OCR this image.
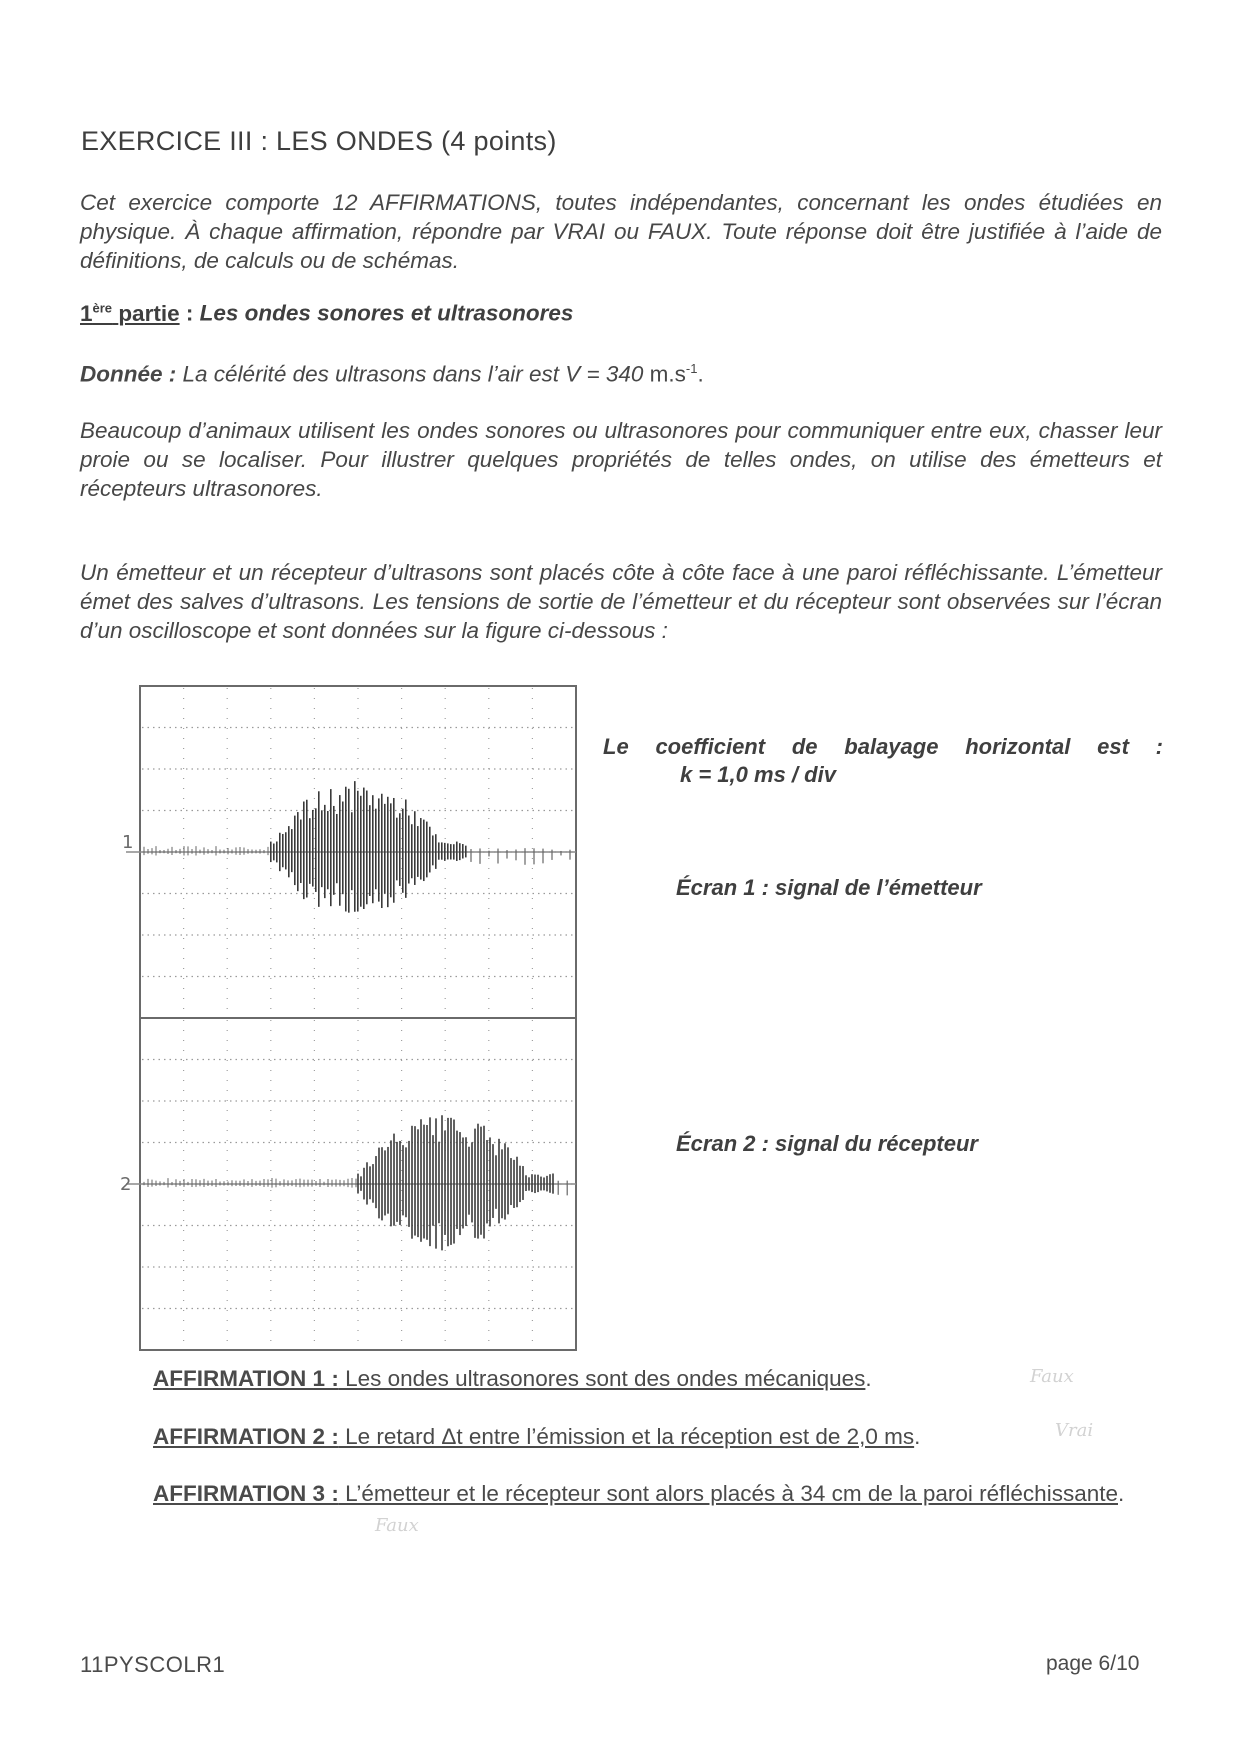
EXERCICE III : LES ONDES (4 points)
Cet exercice comporte 12 AFFIRMATIONS, toutes indépendantes, concernant les ondes étudiées en physique. À chaque affirmation, répondre par VRAI ou FAUX. Toute réponse doit être justifiée à l’aide de définitions, de calculs ou de schémas.
1ère partie : Les ondes sonores et ultrasonores
Donnée : La célérité des ultrasons dans l’air est V = 340 $m.s^{-1}$.
Beaucoup d’animaux utilisent les ondes sonores ou ultrasonores pour communiquer entre eux, chasser leur proie ou se localiser. Pour illustrer quelques propriétés de telles ondes, on utilise des émetteurs et récepteurs ultrasonores.
Un émetteur et un récepteur d’ultrasons sont placés côte à côte face à une paroi réfléchissante. L’émetteur émet des salves d’ultrasons. Les tensions de sortie de l’émetteur et du récepteur sont observées sur l’écran d’un oscilloscope et sont données sur la figure ci-dessous :
1
2
Le coefficient de balayage horizontal est :
k = 1,0 ms / div
Écran 1 : signal de l’émetteur
Écran 2 : signal du récepteur
AFFIRMATION 1 : Les ondes ultrasonores sont des ondes mécaniques.	Faux
AFFIRMATION 2 : Le retard Δt entre l’émission et la réception est de 2,0 ms.	Vrai
AFFIRMATION 3 : L’émetteur et le récepteur sont alors placés à 34 cm de la paroi réfléchissante.
Faux
11PYSCOLR1	page 6/10
